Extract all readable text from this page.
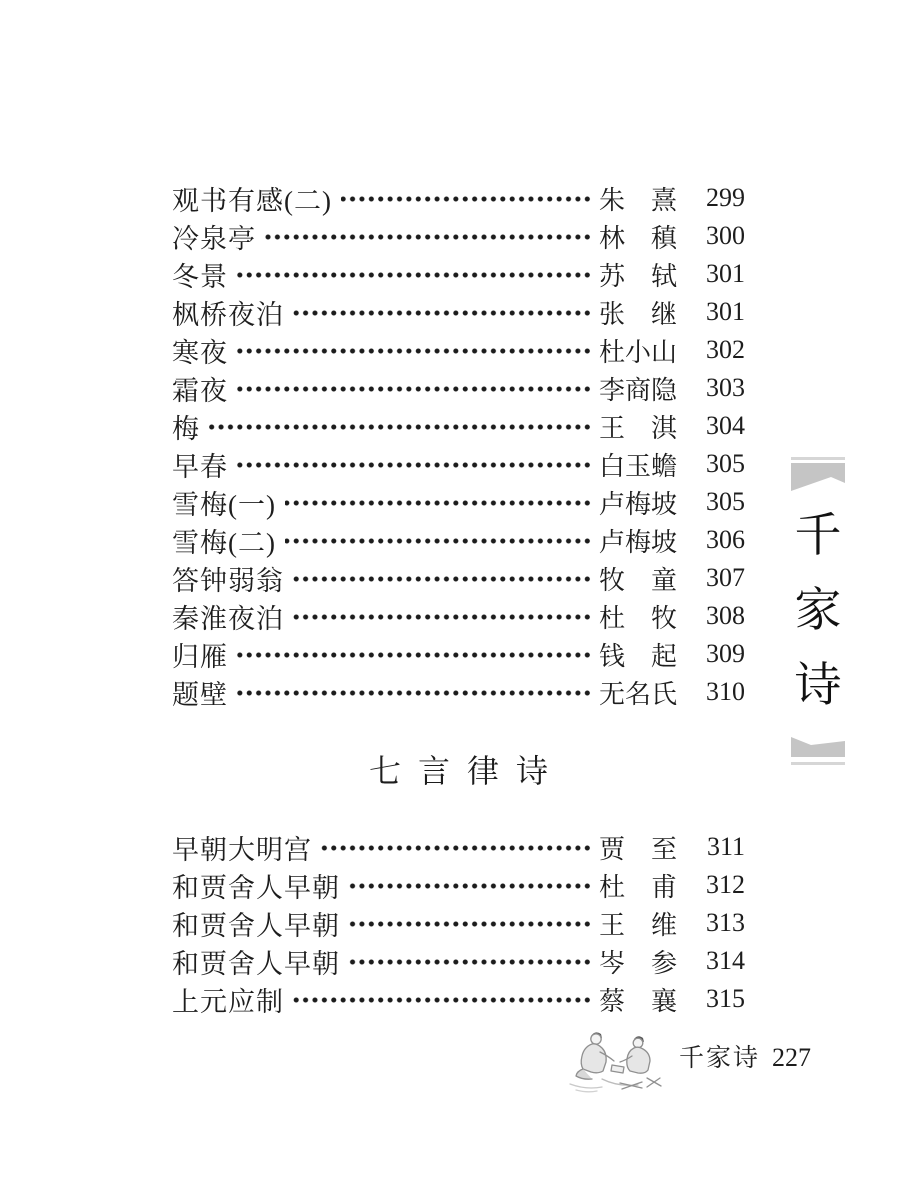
观书有感(二)	朱 熹 299
冷泉亭	林 稹 300
冬景	苏 轼 301
枫桥夜泊	张 继 301
寒夜	杜 小 山 302
霜夜	李 商 隐 303
梅	王 淇 304
早春	白 玉 蟾 305
雪梅(一)	卢 梅 坡 305
雪梅(二)	卢 梅 坡 306
答钟弱翁	牧 童 307
秦淮夜泊	杜 牧 308
归雁	钱 起 309
题壁	无 名 氏 310
七言律诗
早朝大明宫	贾 至 311
和贾舍人早朝	杜 甫 312
和贾舍人早朝	王 维 313
和贾舍人早朝	岑 参 314
上元应制	蔡 襄 315
千
家
诗
千家诗 227
